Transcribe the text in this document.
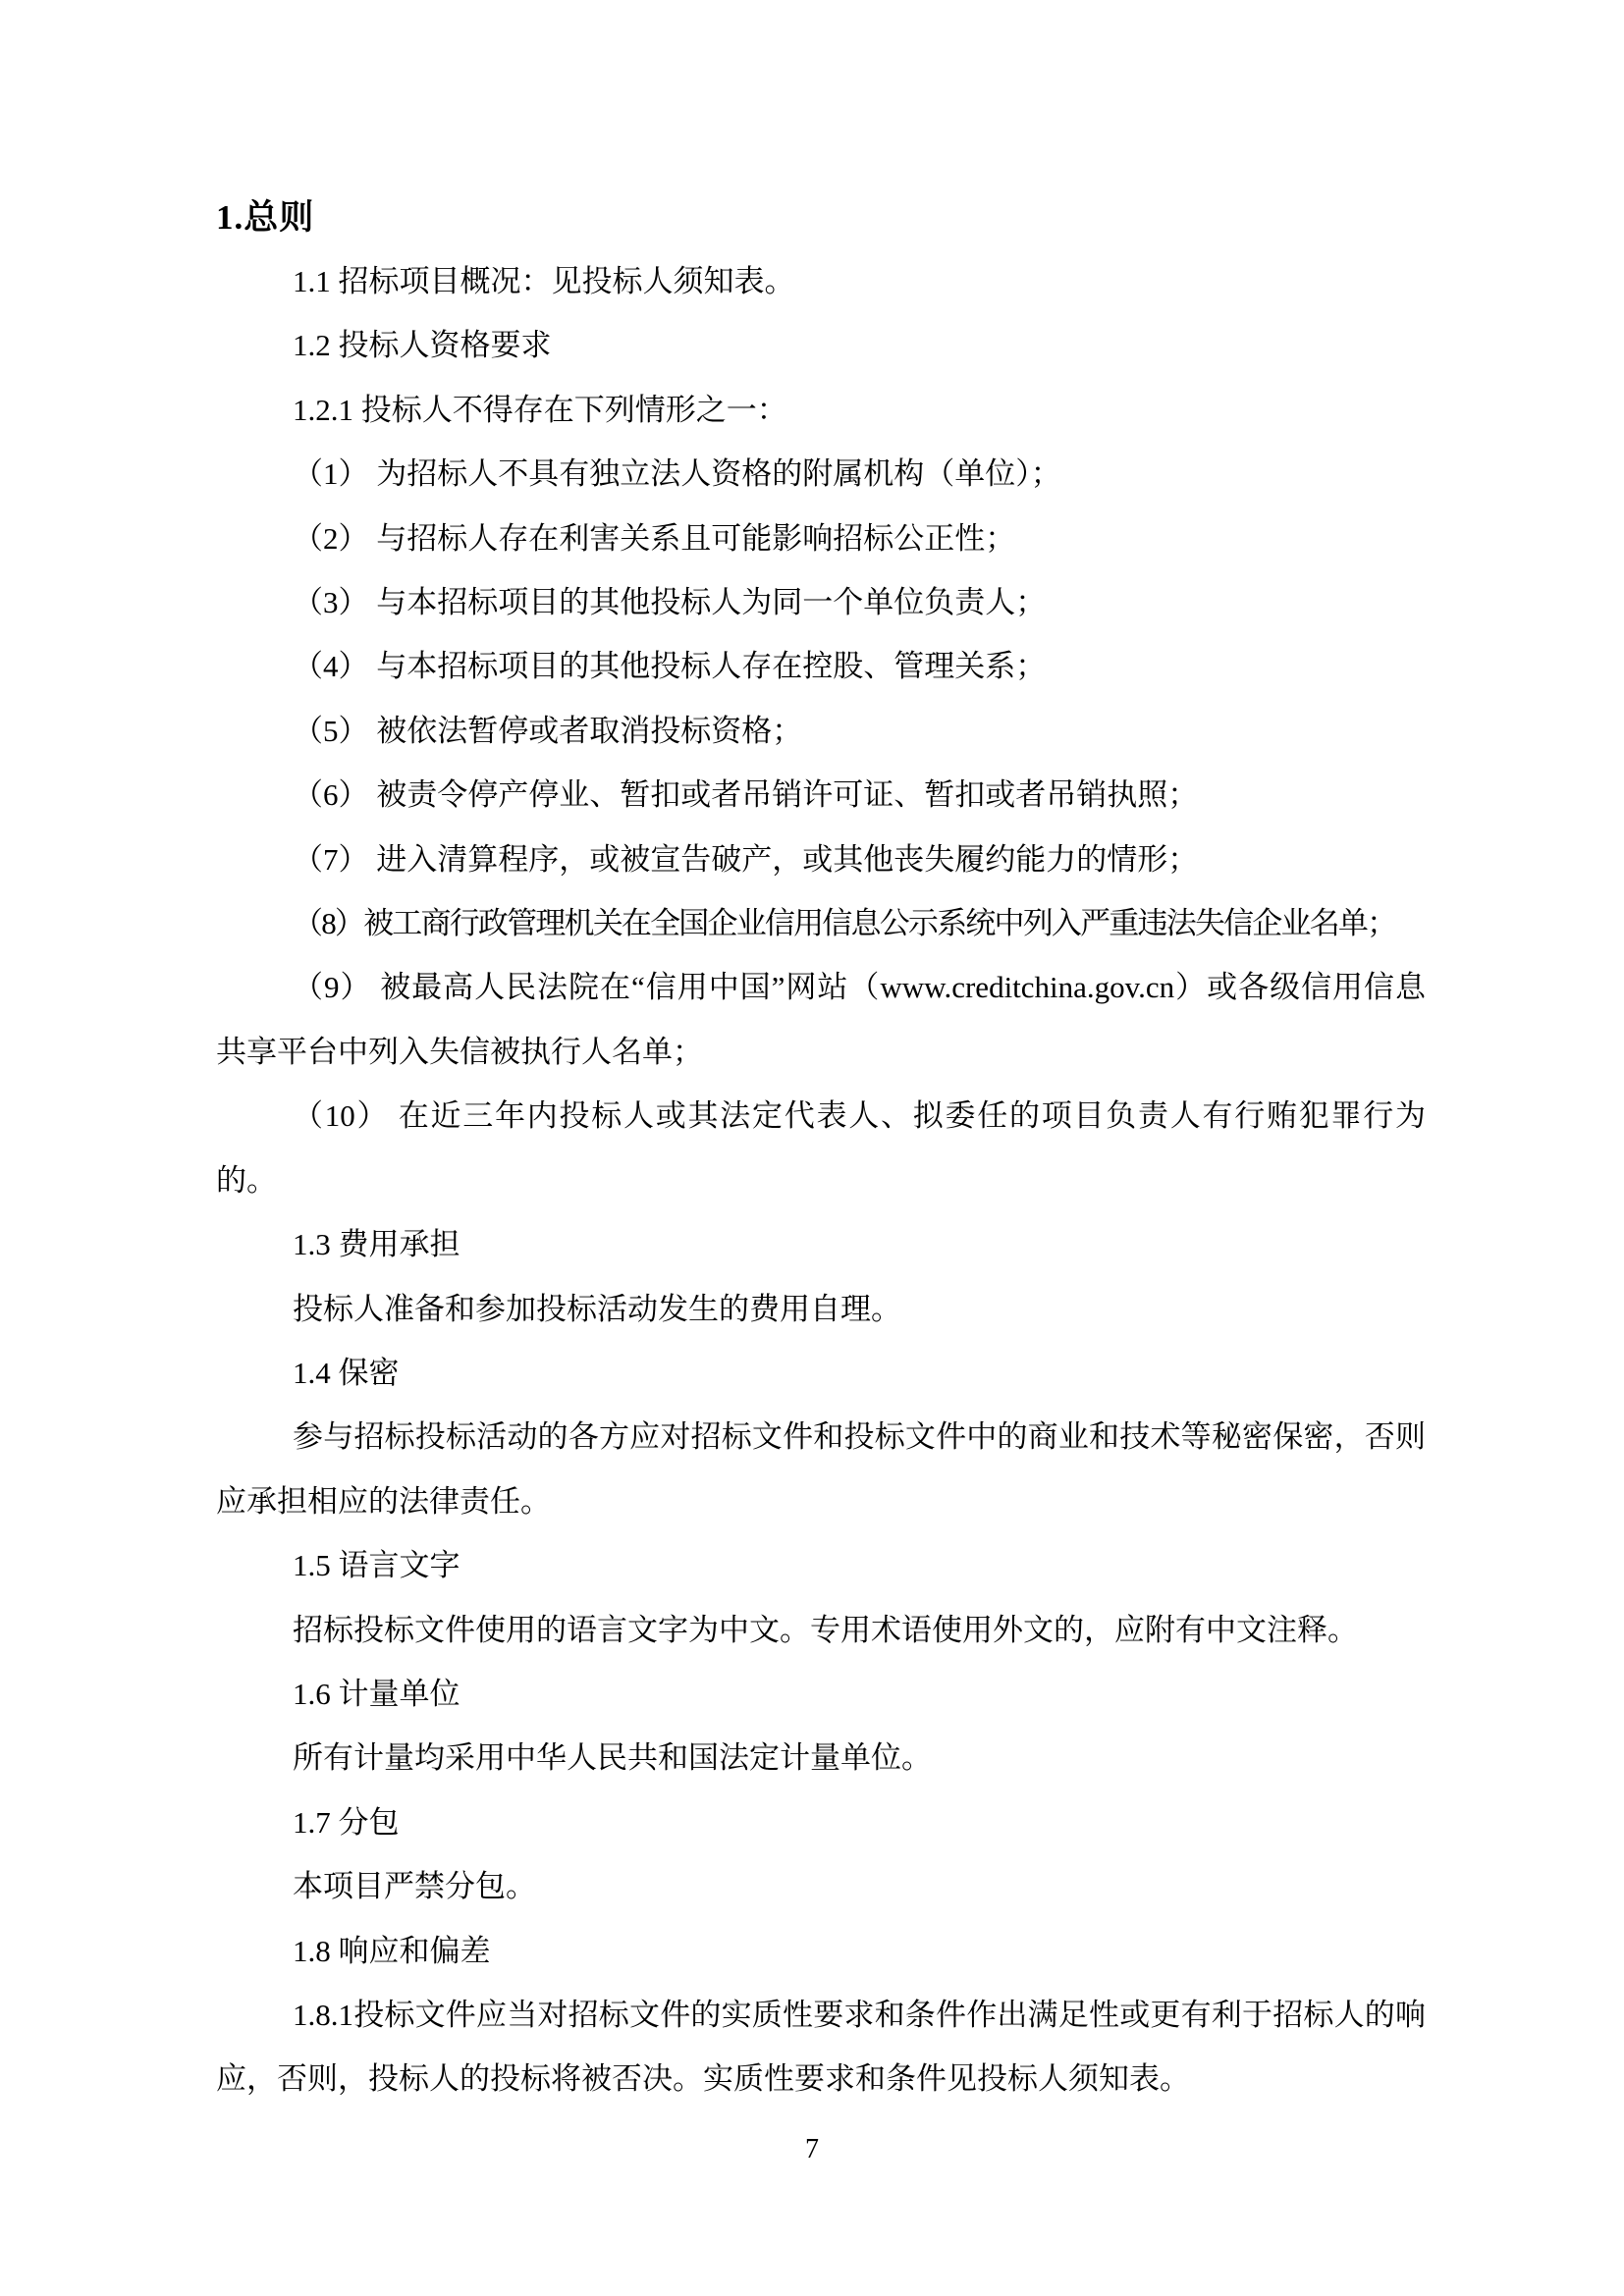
1.总则

1.1 招标项目概况：见投标人须知表。

1.2 投标人资格要求

1.2.1 投标人不得存在下列情形之一：

（1） 为招标人不具有独立法人资格的附属机构（单位）；

（2） 与招标人存在利害关系且可能影响招标公正性；

（3） 与本招标项目的其他投标人为同一个单位负责人；

（4） 与本招标项目的其他投标人存在控股、管理关系；

（5） 被依法暂停或者取消投标资格；

（6） 被责令停产停业、暂扣或者吊销许可证、暂扣或者吊销执照；

（7） 进入清算程序，或被宣告破产，或其他丧失履约能力的情形；

（8）被工商行政管理机关在全国企业信用信息公示系统中列入严重违法失信企业名单；

（9） 被最高人民法院在“信用中国”网站（www.creditchina.gov.cn）或各级信用信息共享平台中列入失信被执行人名单；

（10） 在近三年内投标人或其法定代表人、拟委任的项目负责人有行贿犯罪行为的。

1.3 费用承担

投标人准备和参加投标活动发生的费用自理。

1.4 保密

参与招标投标活动的各方应对招标文件和投标文件中的商业和技术等秘密保密，否则应承担相应的法律责任。

1.5 语言文字

招标投标文件使用的语言文字为中文。专用术语使用外文的，应附有中文注释。

1.6 计量单位

所有计量均采用中华人民共和国法定计量单位。

1.7 分包

本项目严禁分包。

1.8 响应和偏差

1.8.1投标文件应当对招标文件的实质性要求和条件作出满足性或更有利于招标人的响应，否则，投标人的投标将被否决。实质性要求和条件见投标人须知表。

7
